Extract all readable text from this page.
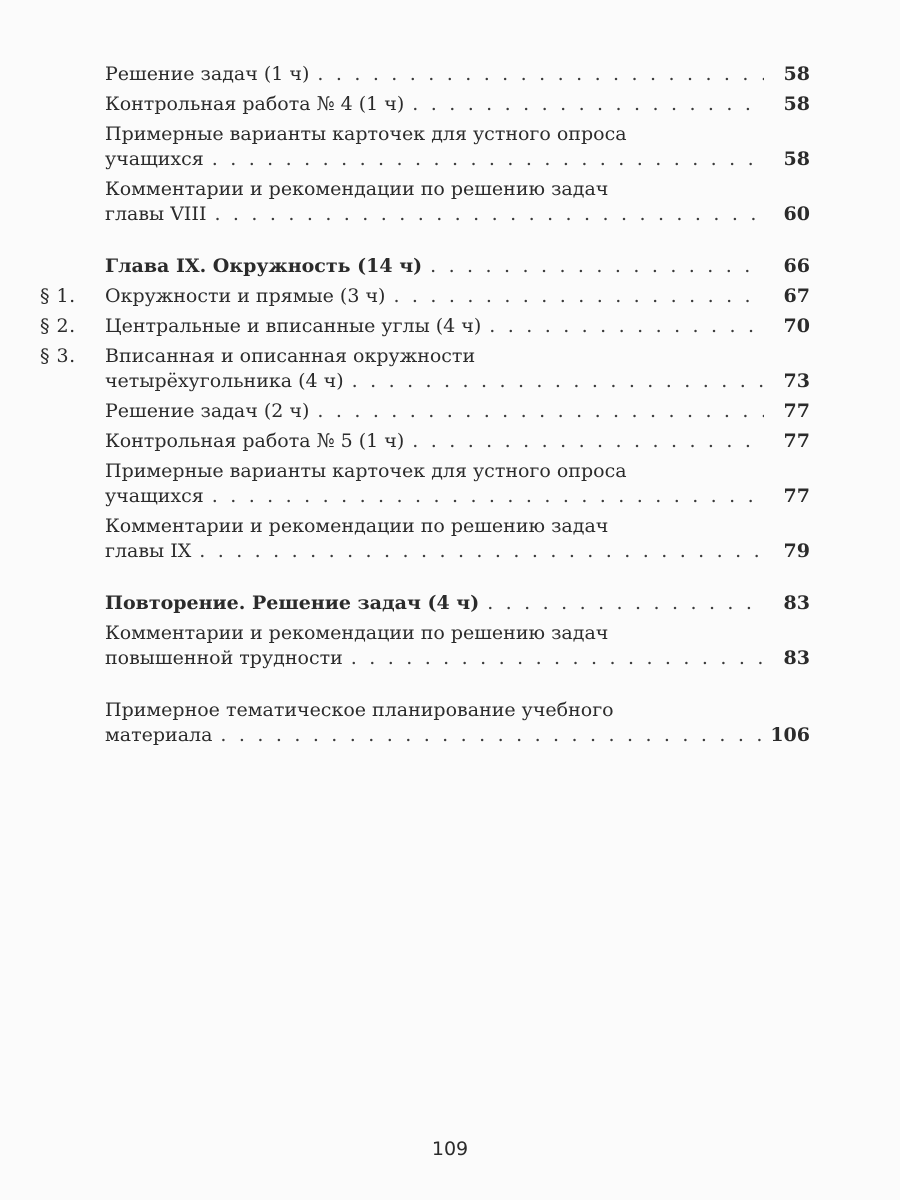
Решение задач (1 ч) . . .	58
Контрольная работа № 4 (1 ч) . . .	58
Примерные варианты карточек для устного опроса
учащихся . . .	58
Комментарии и рекомендации по решению задач
главы VIII . . .	60
Глава IX. Окружность (14 ч) . . .	66
§ 1.	Окружности и прямые (3 ч) . . .	67
§ 2.	Центральные и вписанные углы (4 ч) . . .	70
§ 3.	Вписанная и описанная окружности
четырёхугольника (4 ч) . . .	73
Решение задач (2 ч) . . .	77
Контрольная работа № 5 (1 ч) . . .	77
Примерные варианты карточек для устного опроса
учащихся . . .	77
Комментарии и рекомендации по решению задач
главы IX . . .	79
Повторение. Решение задач (4 ч) . . .	83
Комментарии и рекомендации по решению задач
повышенной трудности . . .	83
Примерное тематическое планирование учебного
материала . . .	106
109
